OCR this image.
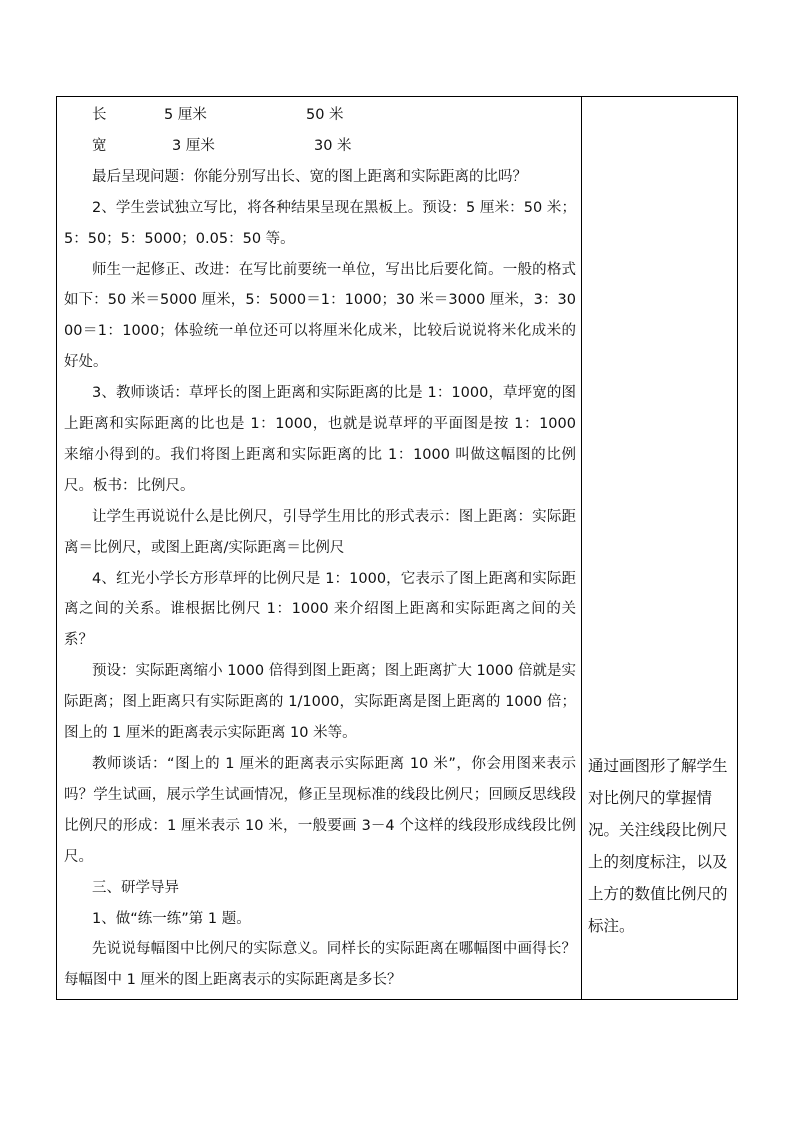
长	5 厘米	50 米
宽	3 厘米	30 米

最后呈现问题：你能分别写出长、宽的图上距离和实际距离的比吗？

2、学生尝试独立写比，将各种结果呈现在黑板上。预设：5 厘米：50 米；5：50；5：5000；0.05：50 等。

师生一起修正、改进：在写比前要统一单位，写出比后要化简。一般的格式如下：50 米＝5000 厘米，5：5000＝1：1000；30 米＝3000 厘米，3：3000＝1：1000；体验统一单位还可以将厘米化成米，比较后说说将米化成米的好处。

3、教师谈话：草坪长的图上距离和实际距离的比是 1：1000，草坪宽的图上距离和实际距离的比也是 1：1000，也就是说草坪的平面图是按 1：1000 来缩小得到的。我们将图上距离和实际距离的比 1：1000 叫做这幅图的比例尺。板书：比例尺。

让学生再说说什么是比例尺，引导学生用比的形式表示：图上距离：实际距离＝比例尺，或图上距离/实际距离＝比例尺

4、红光小学长方形草坪的比例尺是 1：1000，它表示了图上距离和实际距离之间的关系。谁根据比例尺 1：1000 来介绍图上距离和实际距离之间的关系？

预设：实际距离缩小 1000 倍得到图上距离；图上距离扩大 1000 倍就是实际距离；图上距离只有实际距离的 1/1000，实际距离是图上距离的 1000 倍；图上的 1 厘米的距离表示实际距离 10 米等。

教师谈话：“图上的 1 厘米的距离表示实际距离 10 米”，你会用图来表示吗？学生试画，展示学生试画情况，修正呈现标准的线段比例尺；回顾反思线段比例尺的形成：1 厘米表示 10 米，一般要画 3－4 个这样的线段形成线段比例尺。

三、研学导异

1、做“练一练”第 1 题。

先说说每幅图中比例尺的实际意义。同样长的实际距离在哪幅图中画得长？每幅图中 1 厘米的图上距离表示的实际距离是多长？

通过画图形了解学生对比例尺的掌握情况。关注线段比例尺上的刻度标注，以及上方的数值比例尺的标注。
